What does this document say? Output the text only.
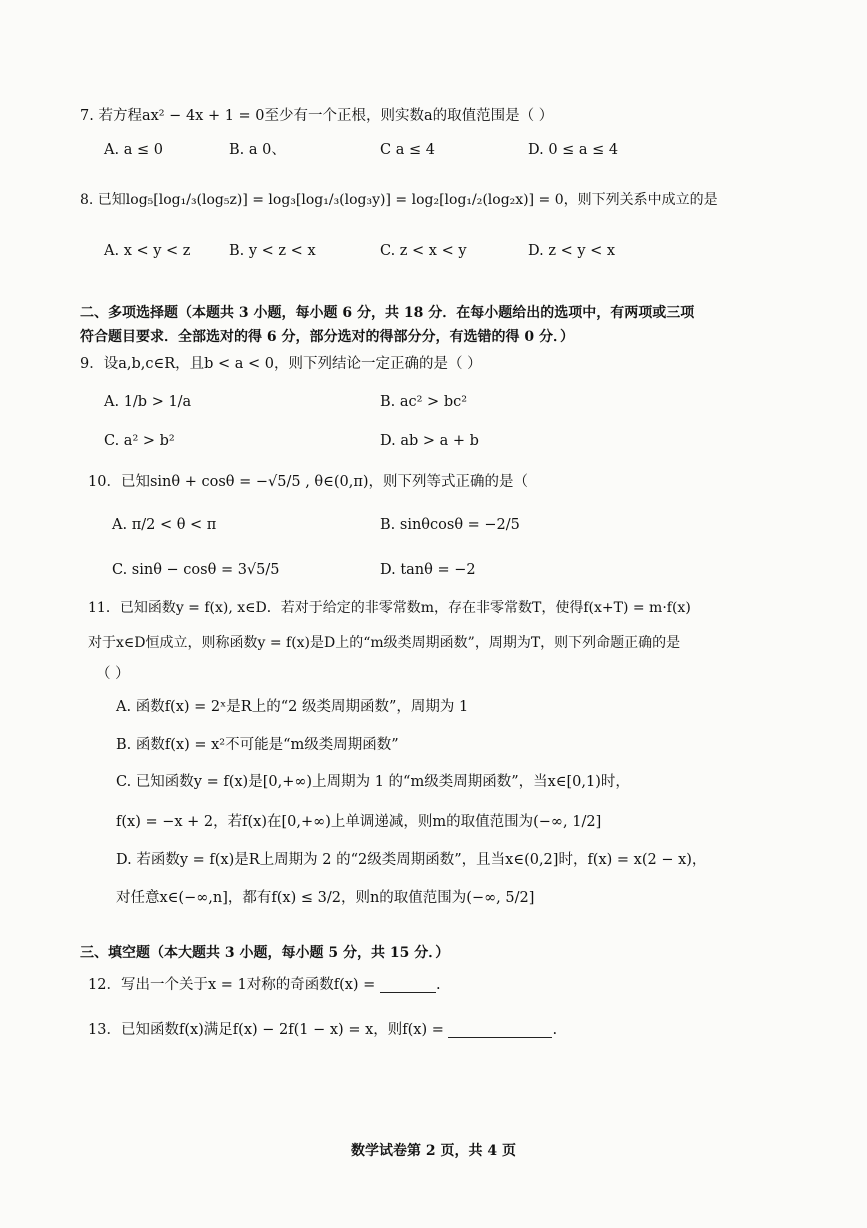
7. 若方程ax² − 4x + 1 = 0至少有一个正根，则实数a的取值范围是（ ）
A. a ≤ 0	B. a 0、	C a ≤ 4	D. 0 ≤ a ≤ 4
8. 已知log₅[log₁/₃(log₅z)] = log₃[log₁/₃(log₃y)] = log₂[log₁/₂(log₂x)] = 0，则下列关系中成立的是
A. x < y < z	B. y < z < x	C. z < x < y	D. z < y < x
二、多项选择题（本题共 3 小题，每小题 6 分，共 18 分．在每小题给出的选项中，有两项或三项
符合题目要求．全部选对的得 6 分，部分选对的得部分分，有选错的得 0 分．）
9．设a,b,c∈R，且b < a < 0，则下列结论一定正确的是（ ）
A. 1/b > 1/a	B. ac² > bc²
C. a² > b²	D. ab > a + b
10．已知sinθ + cosθ = −√5/5 , θ∈(0,π)，则下列等式正确的是（
A. π/2 < θ < π	B. sinθcosθ = −2/5
C. sinθ − cosθ = 3√5/5	D. tanθ = −2
11．已知函数y = f(x), x∈D．若对于给定的非零常数m，存在非零常数T，使得f(x+T) = m·f(x)
对于x∈D恒成立，则称函数y = f(x)是D上的“m级类周期函数”，周期为T，则下列命题正确的是
（ ）
A. 函数f(x) = 2ˣ是R上的“2 级类周期函数”，周期为 1
B. 函数f(x) = x²不可能是“m级类周期函数”
C. 已知函数y = f(x)是[0,+∞)上周期为 1 的“m级类周期函数”，当x∈[0,1)时，
f(x) = −x + 2，若f(x)在[0,+∞)上单调递减，则m的取值范围为(−∞, 1/2]
D. 若函数y = f(x)是R上周期为 2 的“2级类周期函数”，且当x∈(0,2]时，f(x) = x(2 − x)，
对任意x∈(−∞,n]，都有f(x) ≤ 3/2，则n的取值范围为(−∞, 5/2]
三、填空题（本大题共 3 小题，每小题 5 分，共 15 分．）
12．写出一个关于x = 1对称的奇函数f(x) =	.
13．已知函数f(x)满足f(x) − 2f(1 − x) = x，则f(x) =	.
数学试卷第 2 页，共 4 页
